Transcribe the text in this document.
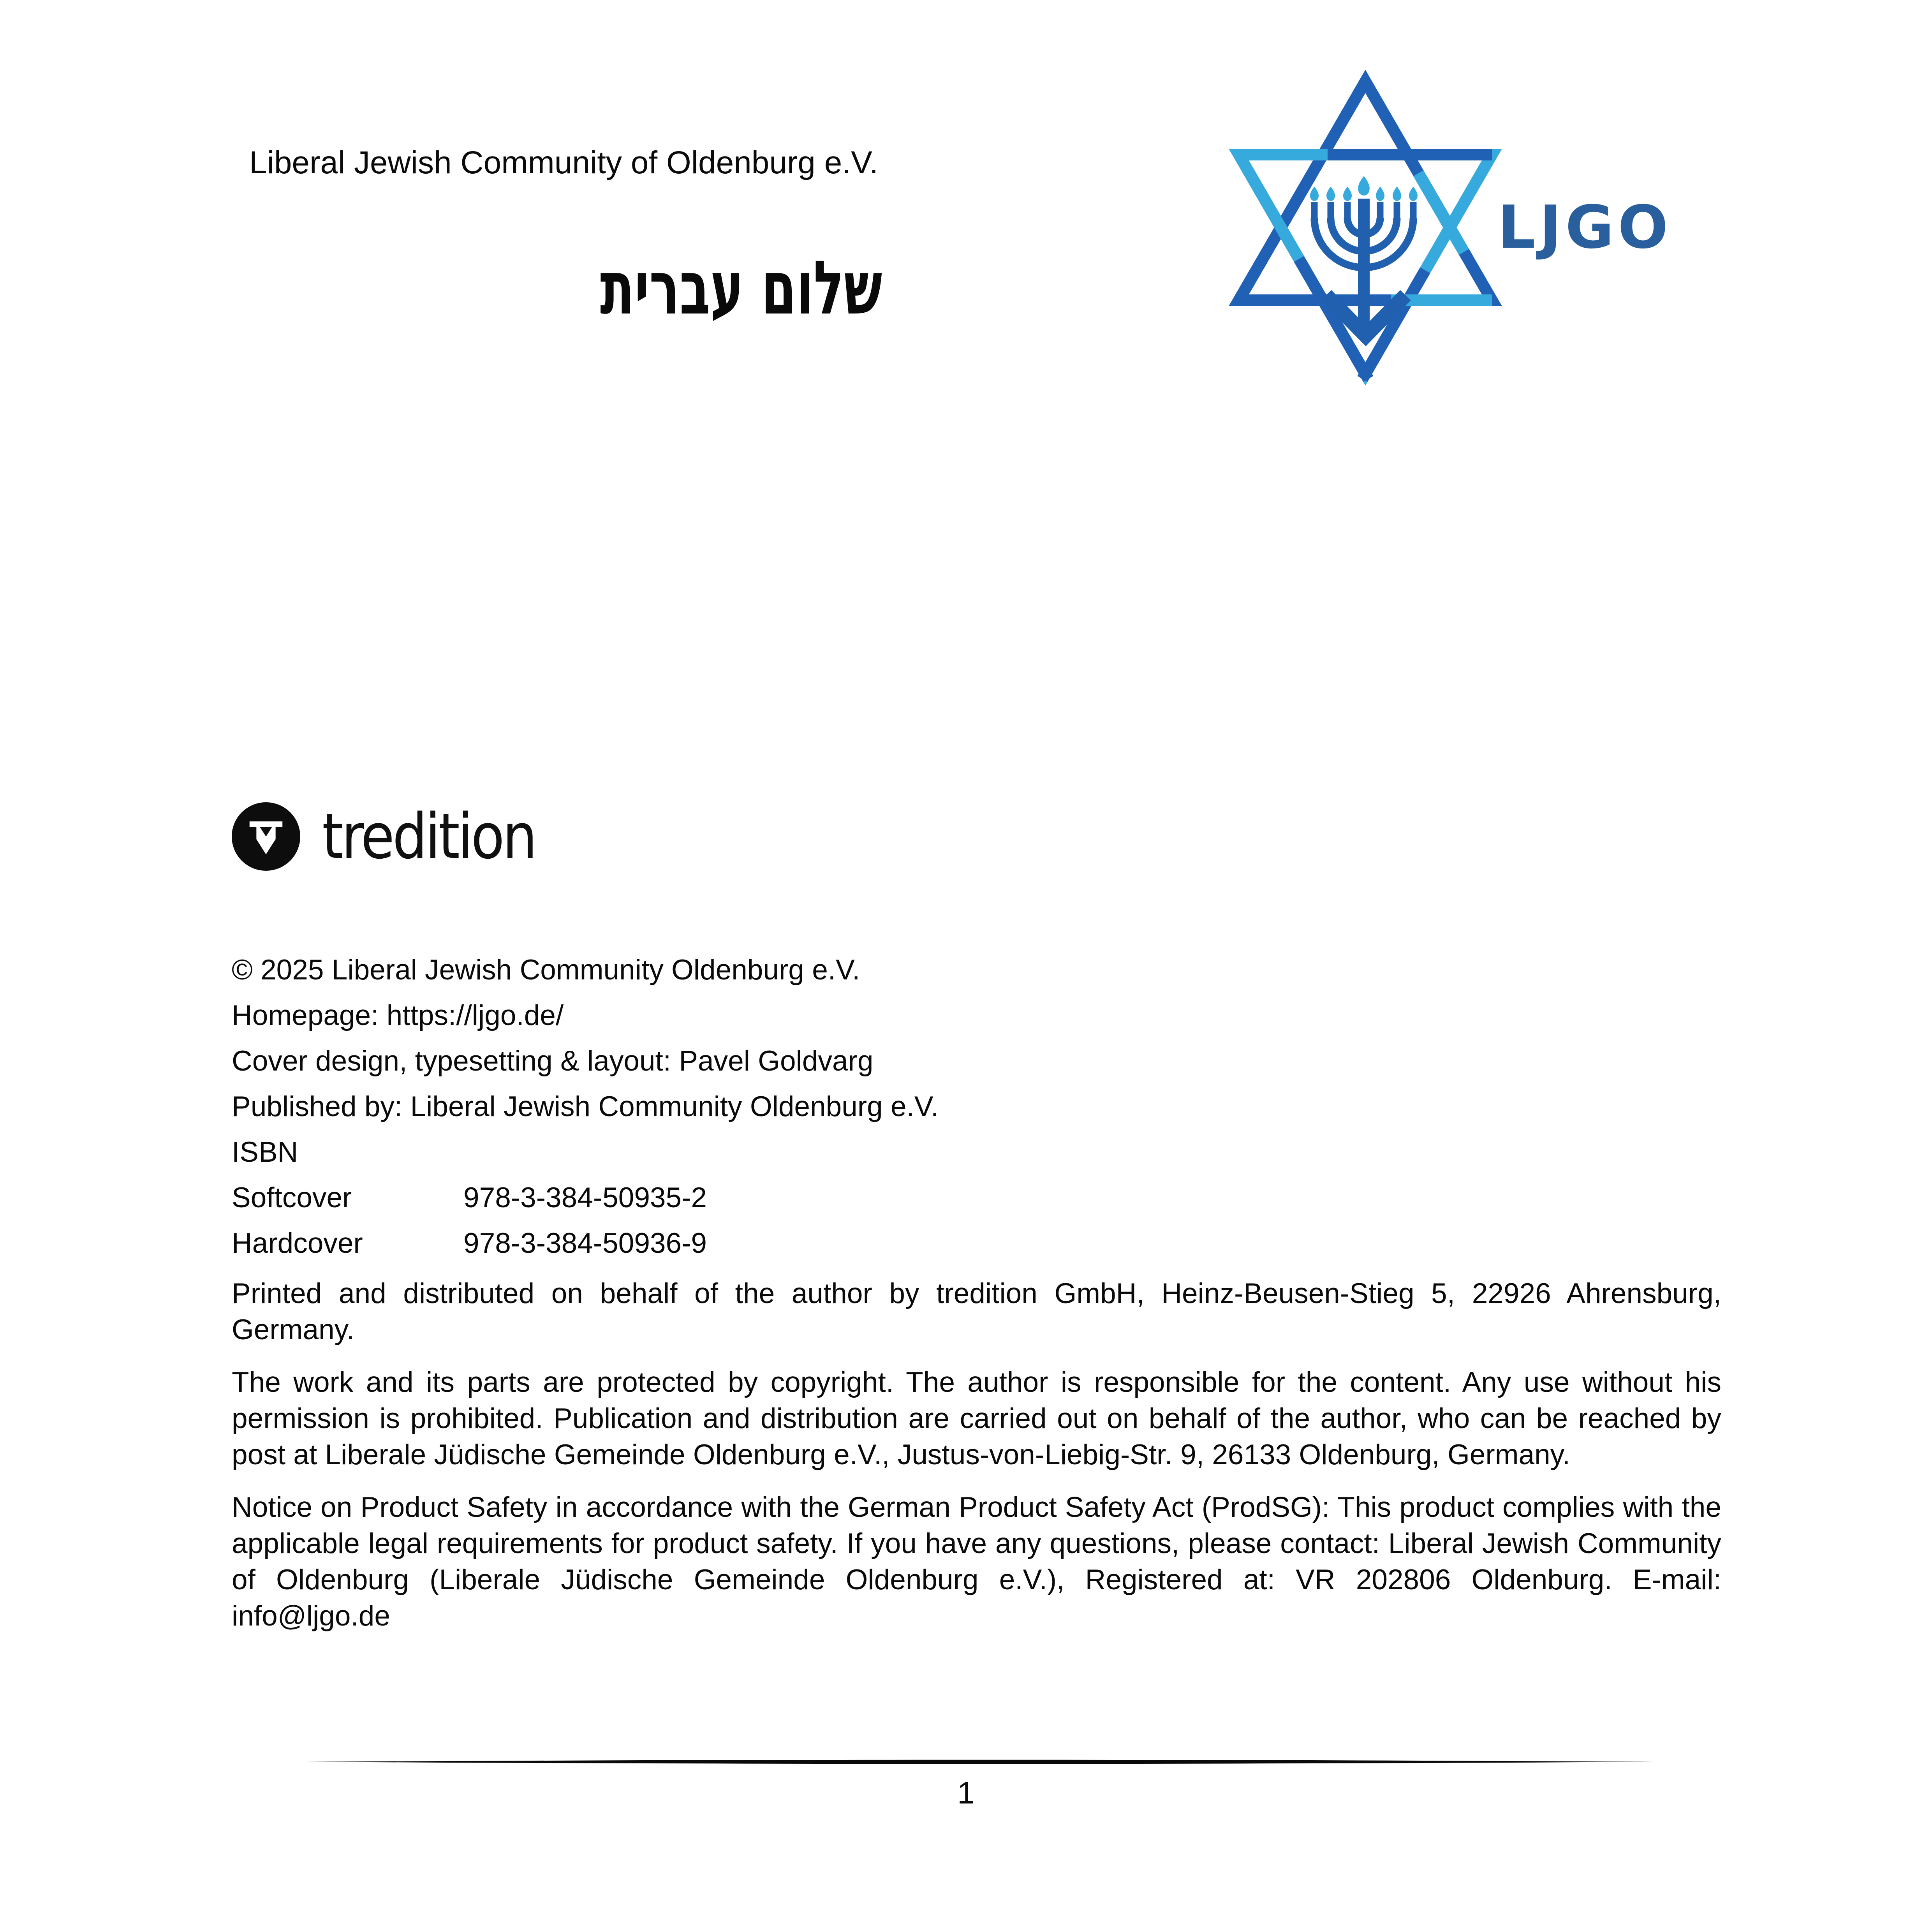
Liberal Jewish Community of Oldenburg e.V.
שלום עברית
LJGO
tredition

© 2025 Liberal Jewish Community Oldenburg e.V.

Homepage: https://ljgo.de/

Cover design, typesetting & layout: Pavel Goldvarg

Published by: Liberal Jewish Community Oldenburg e.V.

ISBN

Softcover	978-3-384-50935-2
Hardcover	978-3-384-50936-9

Printed and distributed on behalf of the author by tredition GmbH, Heinz-Beusen-Stieg 5, 22926 Ahrensburg, Germany.

The work and its parts are protected by copyright. The author is responsible for the content. Any use without his permission is prohibited. Publication and distribution are carried out on behalf of the author, who can be reached by post at Liberale Jüdische Gemeinde Oldenburg e.V., Justus-von-Liebig-Str. 9, 26133 Oldenburg, Germany.

Notice on Product Safety in accordance with the German Product Safety Act (ProdSG): This product complies with the applicable legal requirements for product safety. If you have any questions, please contact: Liberal Jewish Community of Oldenburg (Liberale Jüdische Gemeinde Oldenburg e.V.), Registered at: VR 202806 Oldenburg. E-mail: info@ljgo.de

1
